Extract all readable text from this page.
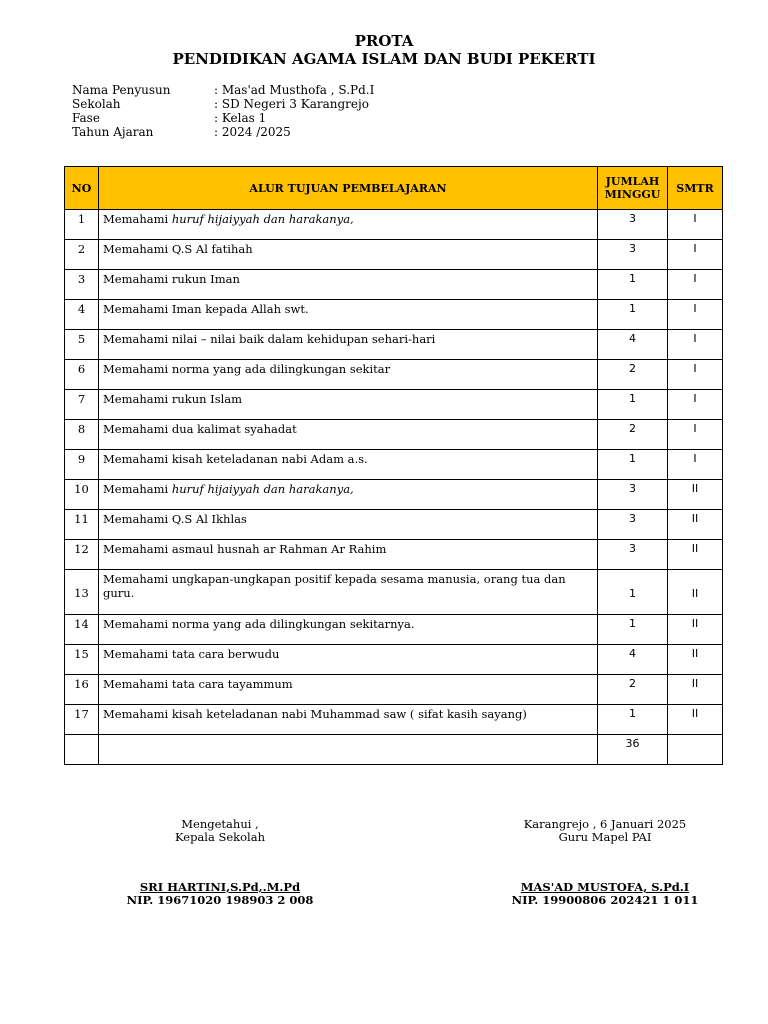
PROTA
PENDIDIKAN AGAMA ISLAM DAN BUDI PEKERTI
Nama Penyusun	: Mas'ad Musthofa , S.Pd.I
Sekolah	: SD Negeri 3 Karangrejo
Fase	: Kelas 1
Tahun Ajaran	: 2024 /2025
NO	ALUR TUJUAN PEMBELAJARAN	JUMLAH MINGGU	SMTR
1	Memahami huruf hijaiyyah dan harakanya,	3	I
2	Memahami Q.S Al fatihah	3	I
3	Memahami rukun Iman	1	I
4	Memahami Iman kepada Allah swt.	1	I
5	Memahami nilai – nilai baik dalam kehidupan sehari-hari	4	I
6	Memahami norma yang ada dilingkungan sekitar	2	I
7	Memahami rukun Islam	1	I
8	Memahami dua kalimat syahadat	2	I
9	Memahami kisah keteladanan nabi Adam a.s.	1	I
10	Memahami huruf hijaiyyah dan harakanya,	3	II
11	Memahami Q.S Al Ikhlas	3	II
12	Memahami asmaul husnah ar Rahman Ar Rahim	3	II
13	Memahami ungkapan-ungkapan positif kepada sesama manusia, orang tua dan guru.	1	II
14	Memahami norma yang ada dilingkungan sekitarnya.	1	II
15	Memahami tata cara berwudu	4	II
16	Memahami tata cara tayammum	2	II
17	Memahami kisah keteladanan nabi Muhammad saw ( sifat kasih sayang)	1	II
		36	
Mengetahui ,
Kepala Sekolah
SRI HARTINI,S.Pd,.M.Pd
NIP. 19671020 198903 2 008
Karangrejo , 6 Januari 2025
Guru Mapel PAI
MAS'AD MUSTOFA, S.Pd.I
NIP. 19900806 202421 1 011
